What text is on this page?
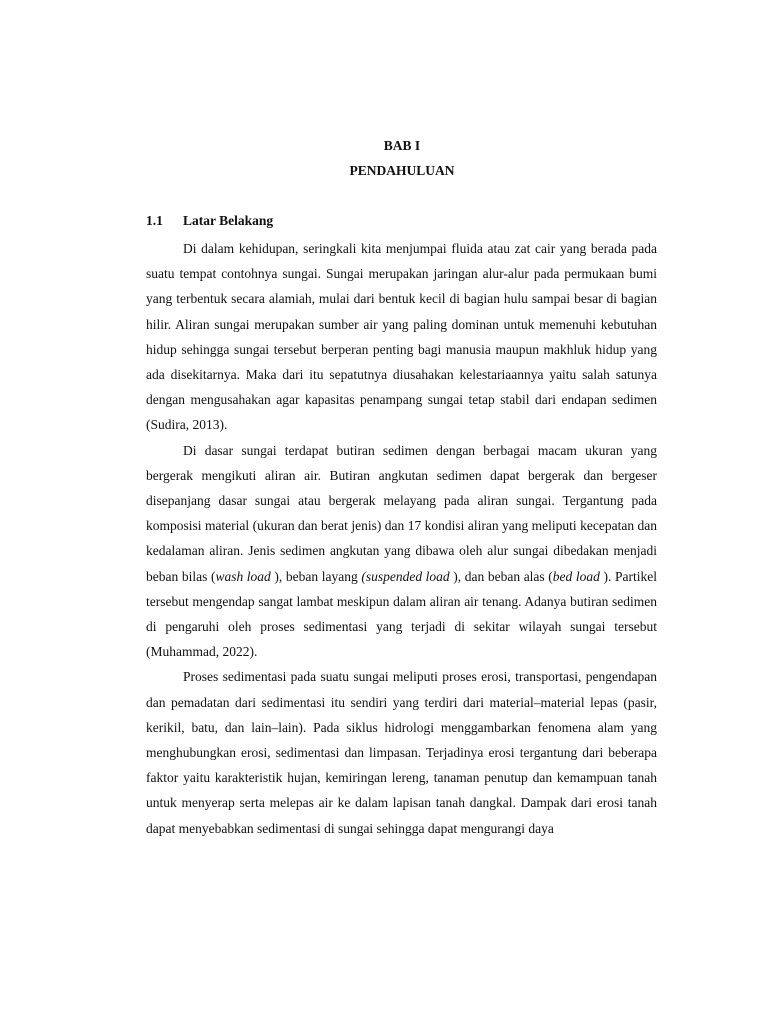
BAB I
PENDAHULUAN
1.1 Latar Belakang

Di dalam kehidupan, seringkali kita menjumpai fluida atau zat cair yang berada pada suatu tempat contohnya sungai. Sungai merupakan jaringan alur-alur pada permukaan bumi yang terbentuk secara alamiah, mulai dari bentuk kecil di bagian hulu sampai besar di bagian hilir. Aliran sungai merupakan sumber air yang paling dominan untuk memenuhi kebutuhan hidup sehingga sungai tersebut berperan penting bagi manusia maupun makhluk hidup yang ada disekitarnya. Maka dari itu sepatutnya diusahakan kelestariaannya yaitu salah satunya dengan mengusahakan agar kapasitas penampang sungai tetap stabil dari endapan sedimen (Sudira, 2013).

Di dasar sungai terdapat butiran sedimen dengan berbagai macam ukuran yang bergerak mengikuti aliran air. Butiran angkutan sedimen dapat bergerak dan bergeser disepanjang dasar sungai atau bergerak melayang pada aliran sungai. Tergantung pada komposisi material (ukuran dan berat jenis) dan 17 kondisi aliran yang meliputi kecepatan dan kedalaman aliran. Jenis sedimen angkutan yang dibawa oleh alur sungai dibedakan menjadi beban bilas (wash load ), beban layang (suspended load ), dan beban alas (bed load ). Partikel tersebut mengendap sangat lambat meskipun dalam aliran air tenang. Adanya butiran sedimen di pengaruhi oleh proses sedimentasi yang terjadi di sekitar wilayah sungai tersebut (Muhammad, 2022).

Proses sedimentasi pada suatu sungai meliputi proses erosi, transportasi, pengendapan dan pemadatan dari sedimentasi itu sendiri yang terdiri dari material–material lepas (pasir, kerikil, batu, dan lain–lain). Pada siklus hidrologi menggambarkan fenomena alam yang menghubungkan erosi, sedimentasi dan limpasan. Terjadinya erosi tergantung dari beberapa faktor yaitu karakteristik hujan, kemiringan lereng, tanaman penutup dan kemampuan tanah untuk menyerap serta melepas air ke dalam lapisan tanah dangkal. Dampak dari erosi tanah dapat menyebabkan sedimentasi di sungai sehingga dapat mengurangi daya
